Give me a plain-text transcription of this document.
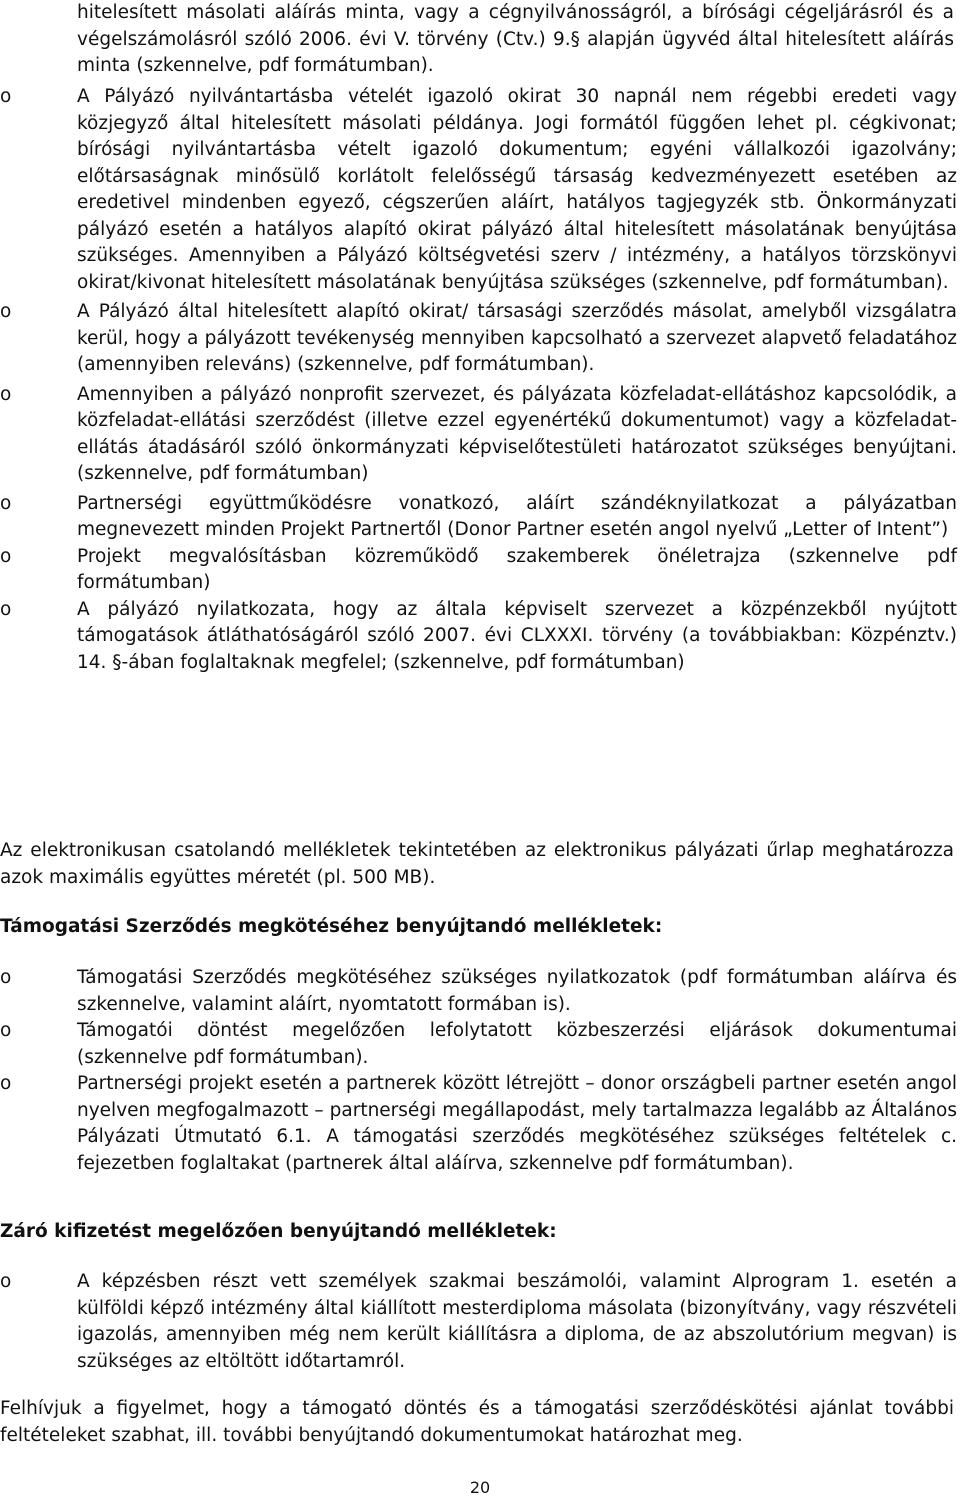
hitelesített másolati aláírás minta, vagy a cégnyilvánosságról, a bírósági cégeljárásról és a végelszámolásról szóló 2006. évi V. törvény (Ctv.) 9.§ alapján ügyvéd által hitelesített aláírás minta (szkennelve, pdf formátumban).

o	A Pályázó nyilvántartásba vételét igazoló okirat 30 napnál nem régebbi eredeti vagy közjegyző által hitelesített másolati példánya. Jogi formától függően lehet pl. cégkivonat; bírósági nyilvántartásba vételt igazoló dokumentum; egyéni vállalkozói igazolvány; előtársaságnak minősülő korlátolt felelősségű társaság kedvezményezett esetében az eredetivel mindenben egyező, cégszerűen aláírt, hatályos tagjegyzék stb. Önkormányzati pályázó esetén a hatályos alapító okirat pályázó által hitelesített másolatának benyújtása szükséges. Amennyiben a Pályázó költségvetési szerv / intézmény, a hatályos törzskönyvi okirat/kivonat hitelesített másolatának benyújtása szükséges (szkennelve, pdf formátumban).
o	A Pályázó által hitelesített alapító okirat/ társasági szerződés másolat, amelyből vizsgálatra kerül, hogy a pályázott tevékenység mennyiben kapcsolható a szervezet alapvető feladatához (amennyiben releváns) (szkennelve, pdf formátumban).
o	Amennyiben a pályázó nonprofit szervezet, és pályázata közfeladat-ellátáshoz kapcsolódik, a közfeladat-ellátási szerződést (illetve ezzel egyenértékű dokumentumot) vagy a közfeladat-ellátás átadásáról szóló önkormányzati képviselőtestületi határozatot szükséges benyújtani. (szkennelve, pdf formátumban)
o	Partnerségi együttműködésre vonatkozó, aláírt szándéknyilatkozat a pályázatban megnevezett minden Projekt Partnertől (Donor Partner esetén angol nyelvű „Letter of Intent”)
o	Projekt megvalósításban közreműködő szakemberek önéletrajza (szkennelve pdf formátumban)
o	A pályázó nyilatkozata, hogy az általa képviselt szervezet a közpénzekből nyújtott támogatások átláthatóságáról szóló 2007. évi CLXXXI. törvény (a továbbiakban: Közpénztv.) 14. §-ában foglaltaknak megfelel; (szkennelve, pdf formátumban)

Az elektronikusan csatolandó mellékletek tekintetében az elektronikus pályázati űrlap meghatározza azok maximális együttes méretét (pl. 500 MB).

Támogatási Szerződés megkötéséhez benyújtandó mellékletek:

o	Támogatási Szerződés megkötéséhez szükséges nyilatkozatok (pdf formátumban aláírva és szkennelve, valamint aláírt, nyomtatott formában is).
o	Támogatói döntést megelőzően lefolytatott közbeszerzési eljárások dokumentumai (szkennelve pdf formátumban).
o	Partnerségi projekt esetén a partnerek között létrejött – donor országbeli partner esetén angol nyelven megfogalmazott – partnerségi megállapodást, mely tartalmazza legalább az Általános Pályázati Útmutató 6.1. A támogatási szerződés megkötéséhez szükséges feltételek c. fejezetben foglaltakat (partnerek által aláírva, szkennelve pdf formátumban).

Záró kifizetést megelőzően benyújtandó mellékletek:

o	A képzésben részt vett személyek szakmai beszámolói, valamint Alprogram 1. esetén a külföldi képző intézmény által kiállított mesterdiploma másolata (bizonyítvány, vagy részvételi igazolás, amennyiben még nem került kiállításra a diploma, de az abszolutórium megvan) is szükséges az eltöltött időtartamról.

Felhívjuk a figyelmet, hogy a támogató döntés és a támogatási szerződéskötési ajánlat további feltételeket szabhat, ill. további benyújtandó dokumentumokat határozhat meg.

20
